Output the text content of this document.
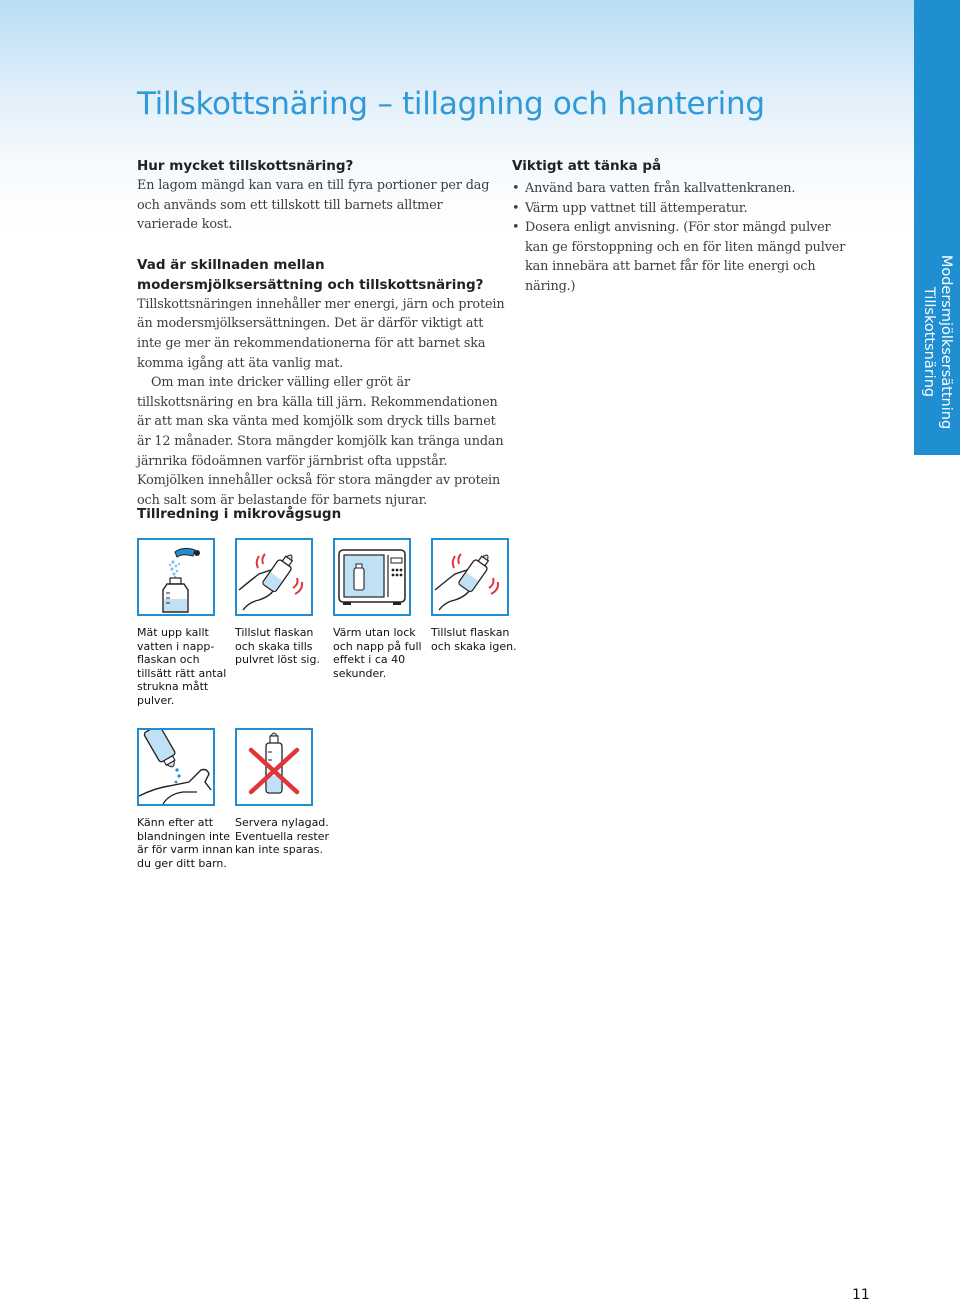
Modersmjölksersättning
Tillskottsnäring
Tillskottsnäring – tillagning och hantering
Hur mycket tillskottsnäring?

En lagom mängd kan vara en till fyra portioner per dag och används som ett tillskott till barnets alltmer varierade kost.

Vad är skillnaden mellan modersmjölksersättning och tillskottsnäring?

Tillskottsnäringen innehåller mer energi, järn och protein än modersmjölksersättningen. Det är därför viktigt att inte ge mer än rekommendationerna för att barnet ska komma igång att äta vanlig mat.

Om man inte dricker välling eller gröt är tillskottsnäring en bra källa till järn. Rekommendationen är att man ska vänta med komjölk som dryck tills barnet är 12 månader. Stora mängder komjölk kan tränga undan järnrika födoämnen varför järnbrist ofta uppstår. Komjölken innehåller också för stora mängder av protein och salt som är belastande för barnets njurar.

Viktigt att tänka på
• Använd bara vatten från kallvattenkranen.
• Värm upp vattnet till ättemperatur.
• Dosera enligt anvisning. (För stor mängd pulver kan ge förstoppning och en för liten mängd pulver kan innebära att barnet får för lite energi och näring.)
Tillredning i mikrovågsugn
Mät upp kallt vatten i napp-flaskan och tillsätt rätt antal strukna mått pulver.
Tillslut flaskan och skaka tills pulvret löst sig.
Värm utan lock och napp på full effekt i ca 40 sekunder.
Tillslut flaskan och skaka igen.
Känn efter att blandningen inte är för varm innan du ger ditt barn.
Servera nylagad. Eventuella rester kan inte sparas.
11
